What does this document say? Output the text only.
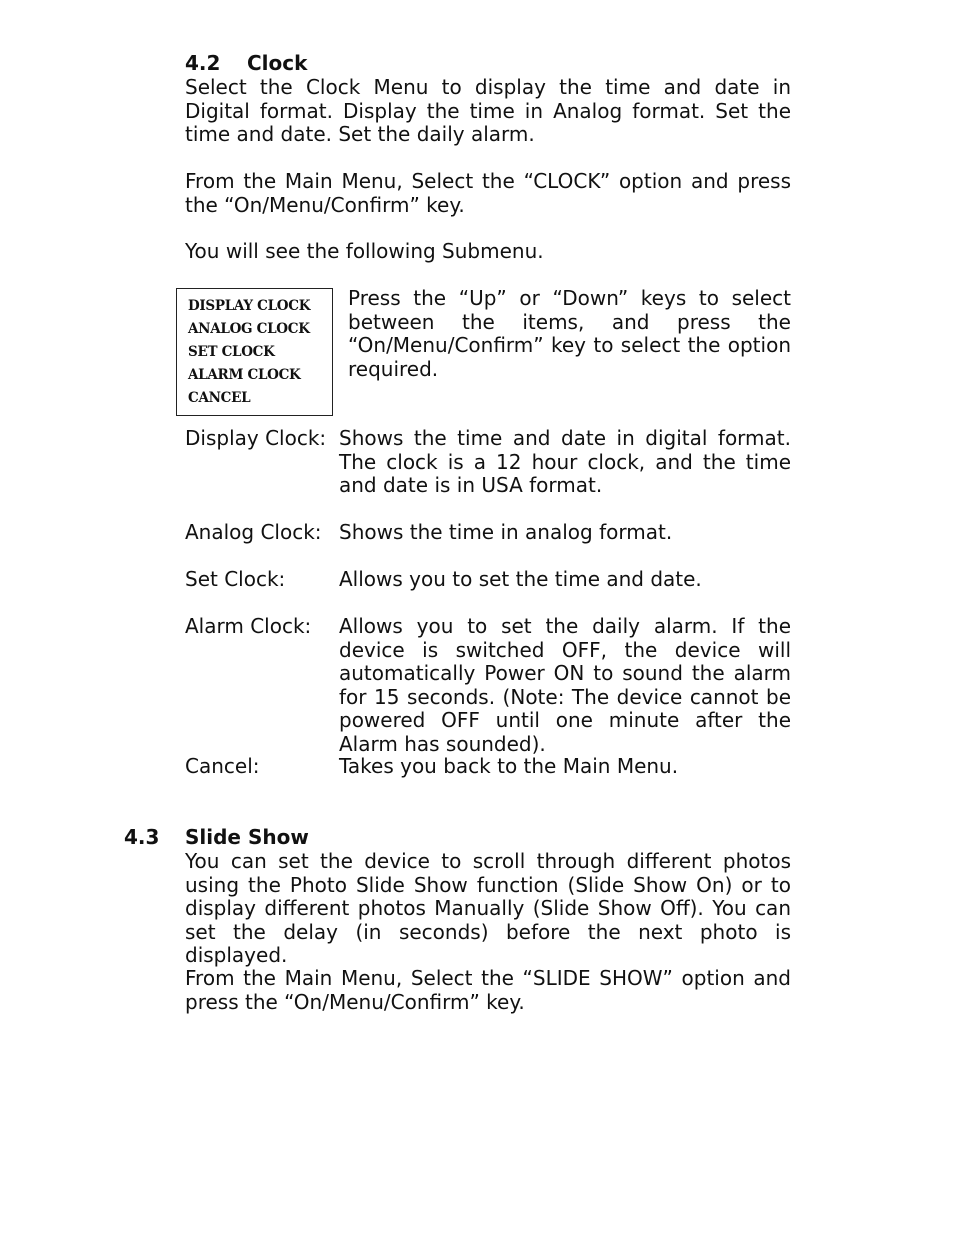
4.2 Clock
Select the Clock Menu to display the time and date in Digital format. Display the time in Analog format. Set the time and date. Set the daily alarm.
From the Main Menu, Select the “CLOCK” option and press the “On/Menu/Confirm” key.
You will see the following Submenu.
DISPLAY CLOCK
ANALOG CLOCK
SET CLOCK
ALARM CLOCK
CANCEL
Press the “Up” or “Down” keys to select between the items, and press the “On/Menu/Confirm” key to select the option required.
Display Clock: Shows the time and date in digital format. The clock is a 12 hour clock, and the time and date is in USA format.
Analog Clock: Shows the time in analog format.
Set Clock:	Allows you to set the time and date.
Alarm Clock: Allows you to set the daily alarm. If the device is switched OFF, the device will automatically Power ON to sound the alarm for 15 seconds. (Note: The device cannot be powered OFF until one minute after the Alarm has sounded).
Cancel:	Takes you back to the Main Menu.
4.3 Slide Show
You can set the device to scroll through different photos using the Photo Slide Show function (Slide Show On) or to display different photos Manually (Slide Show Off). You can set the delay (in seconds) before the next photo is displayed.
From the Main Menu, Select the “SLIDE SHOW” option and press the “On/Menu/Confirm” key.
